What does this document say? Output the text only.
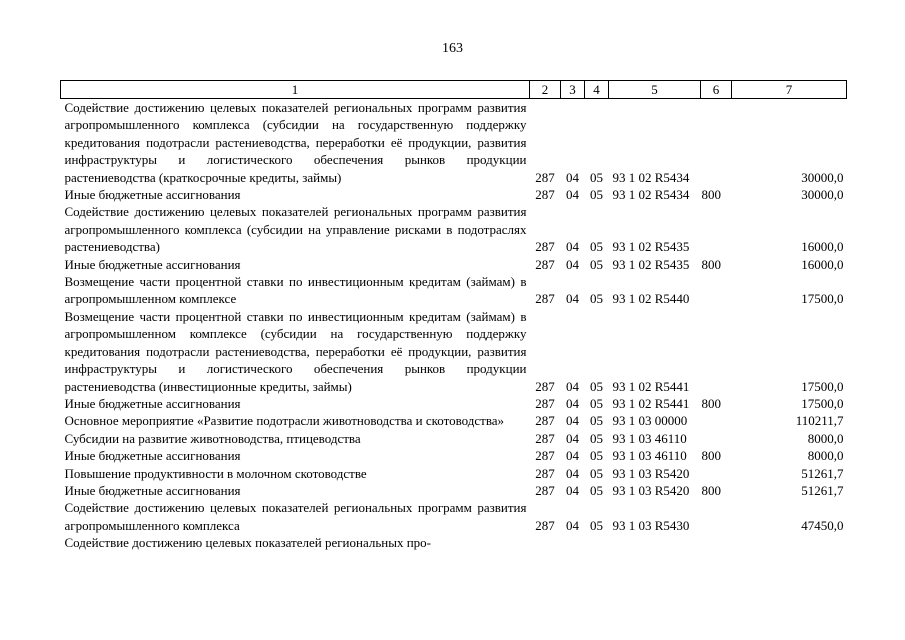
163
1	2	3	4	5	6	7
Содействие достижению целевых показателей региональных программ развития агропромышленного комплекса (субсидии на государственную поддержку кредитования подотрасли растениеводства, переработки её продукции, развития инфраструктуры и логистического обеспечения рынков продукции растениеводства (краткосрочные кредиты, займы)	287	04	05	93 1 02 R5434		30000,0
Иные бюджетные ассигнования	287	04	05	93 1 02 R5434	800	30000,0
Содействие достижению целевых показателей региональных программ развития агропромышленного комплекса (субсидии на управление рисками в подотраслях растениеводства)	287	04	05	93 1 02 R5435		16000,0
Иные бюджетные ассигнования	287	04	05	93 1 02 R5435	800	16000,0
Возмещение части процентной ставки по инвестиционным кредитам (займам) в агропромышленном комплексе	287	04	05	93 1 02 R5440		17500,0
Возмещение части процентной ставки по инвестиционным кредитам (займам) в агропромышленном комплексе (субсидии на государственную поддержку кредитования подотрасли растениеводства, переработки её продукции, развития инфраструктуры и логистического обеспечения рынков продукции растениеводства (инвестиционные кредиты, займы)	287	04	05	93 1 02 R5441		17500,0
Иные бюджетные ассигнования	287	04	05	93 1 02 R5441	800	17500,0
Основное мероприятие «Развитие подотрасли животноводства и скотоводства»	287	04	05	93 1 03 00000		110211,7
Субсидии на развитие животноводства, птицеводства	287	04	05	93 1 03 46110		8000,0
Иные бюджетные ассигнования	287	04	05	93 1 03 46110	800	8000,0
Повышение продуктивности в молочном скотоводстве	287	04	05	93 1 03 R5420		51261,7
Иные бюджетные ассигнования	287	04	05	93 1 03 R5420	800	51261,7
Содействие достижению целевых показателей региональных программ развития агропромышленного комплекса	287	04	05	93 1 03 R5430		47450,0
Содействие достижению целевых показателей региональных про-						
